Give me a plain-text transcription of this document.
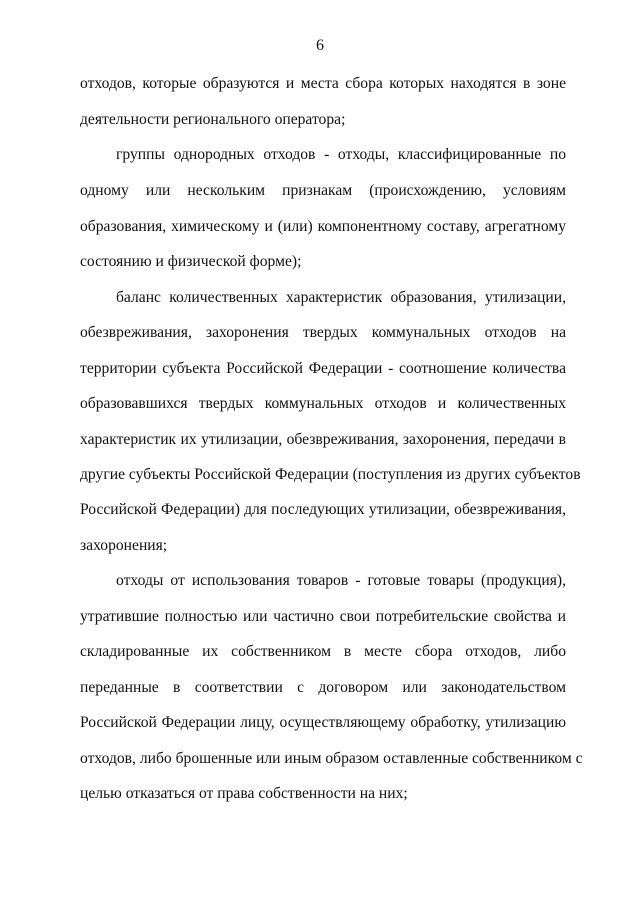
6
отходов, которые образуются и места сбора которых находятся в зоне
деятельности регионального оператора;
группы однородных отходов - отходы, классифицированные по
одному или нескольким признакам (происхождению, условиям
образования, химическому и (или) компонентному составу, агрегатному
состоянию и физической форме);
баланс количественных характеристик образования, утилизации,
обезвреживания, захоронения твердых коммунальных отходов на
территории субъекта Российской Федерации - соотношение количества
образовавшихся твердых коммунальных отходов и количественных
характеристик их утилизации, обезвреживания, захоронения, передачи в
другие субъекты Российской Федерации (поступления из других субъектов
Российской Федерации) для последующих утилизации, обезвреживания,
захоронения;
отходы от использования товаров - готовые товары (продукция),
утратившие полностью или частично свои потребительские свойства и
складированные их собственником в месте сбора отходов, либо
переданные в соответствии с договором или законодательством
Российской Федерации лицу, осуществляющему обработку, утилизацию
отходов, либо брошенные или иным образом оставленные собственником с
целью отказаться от права собственности на них;
